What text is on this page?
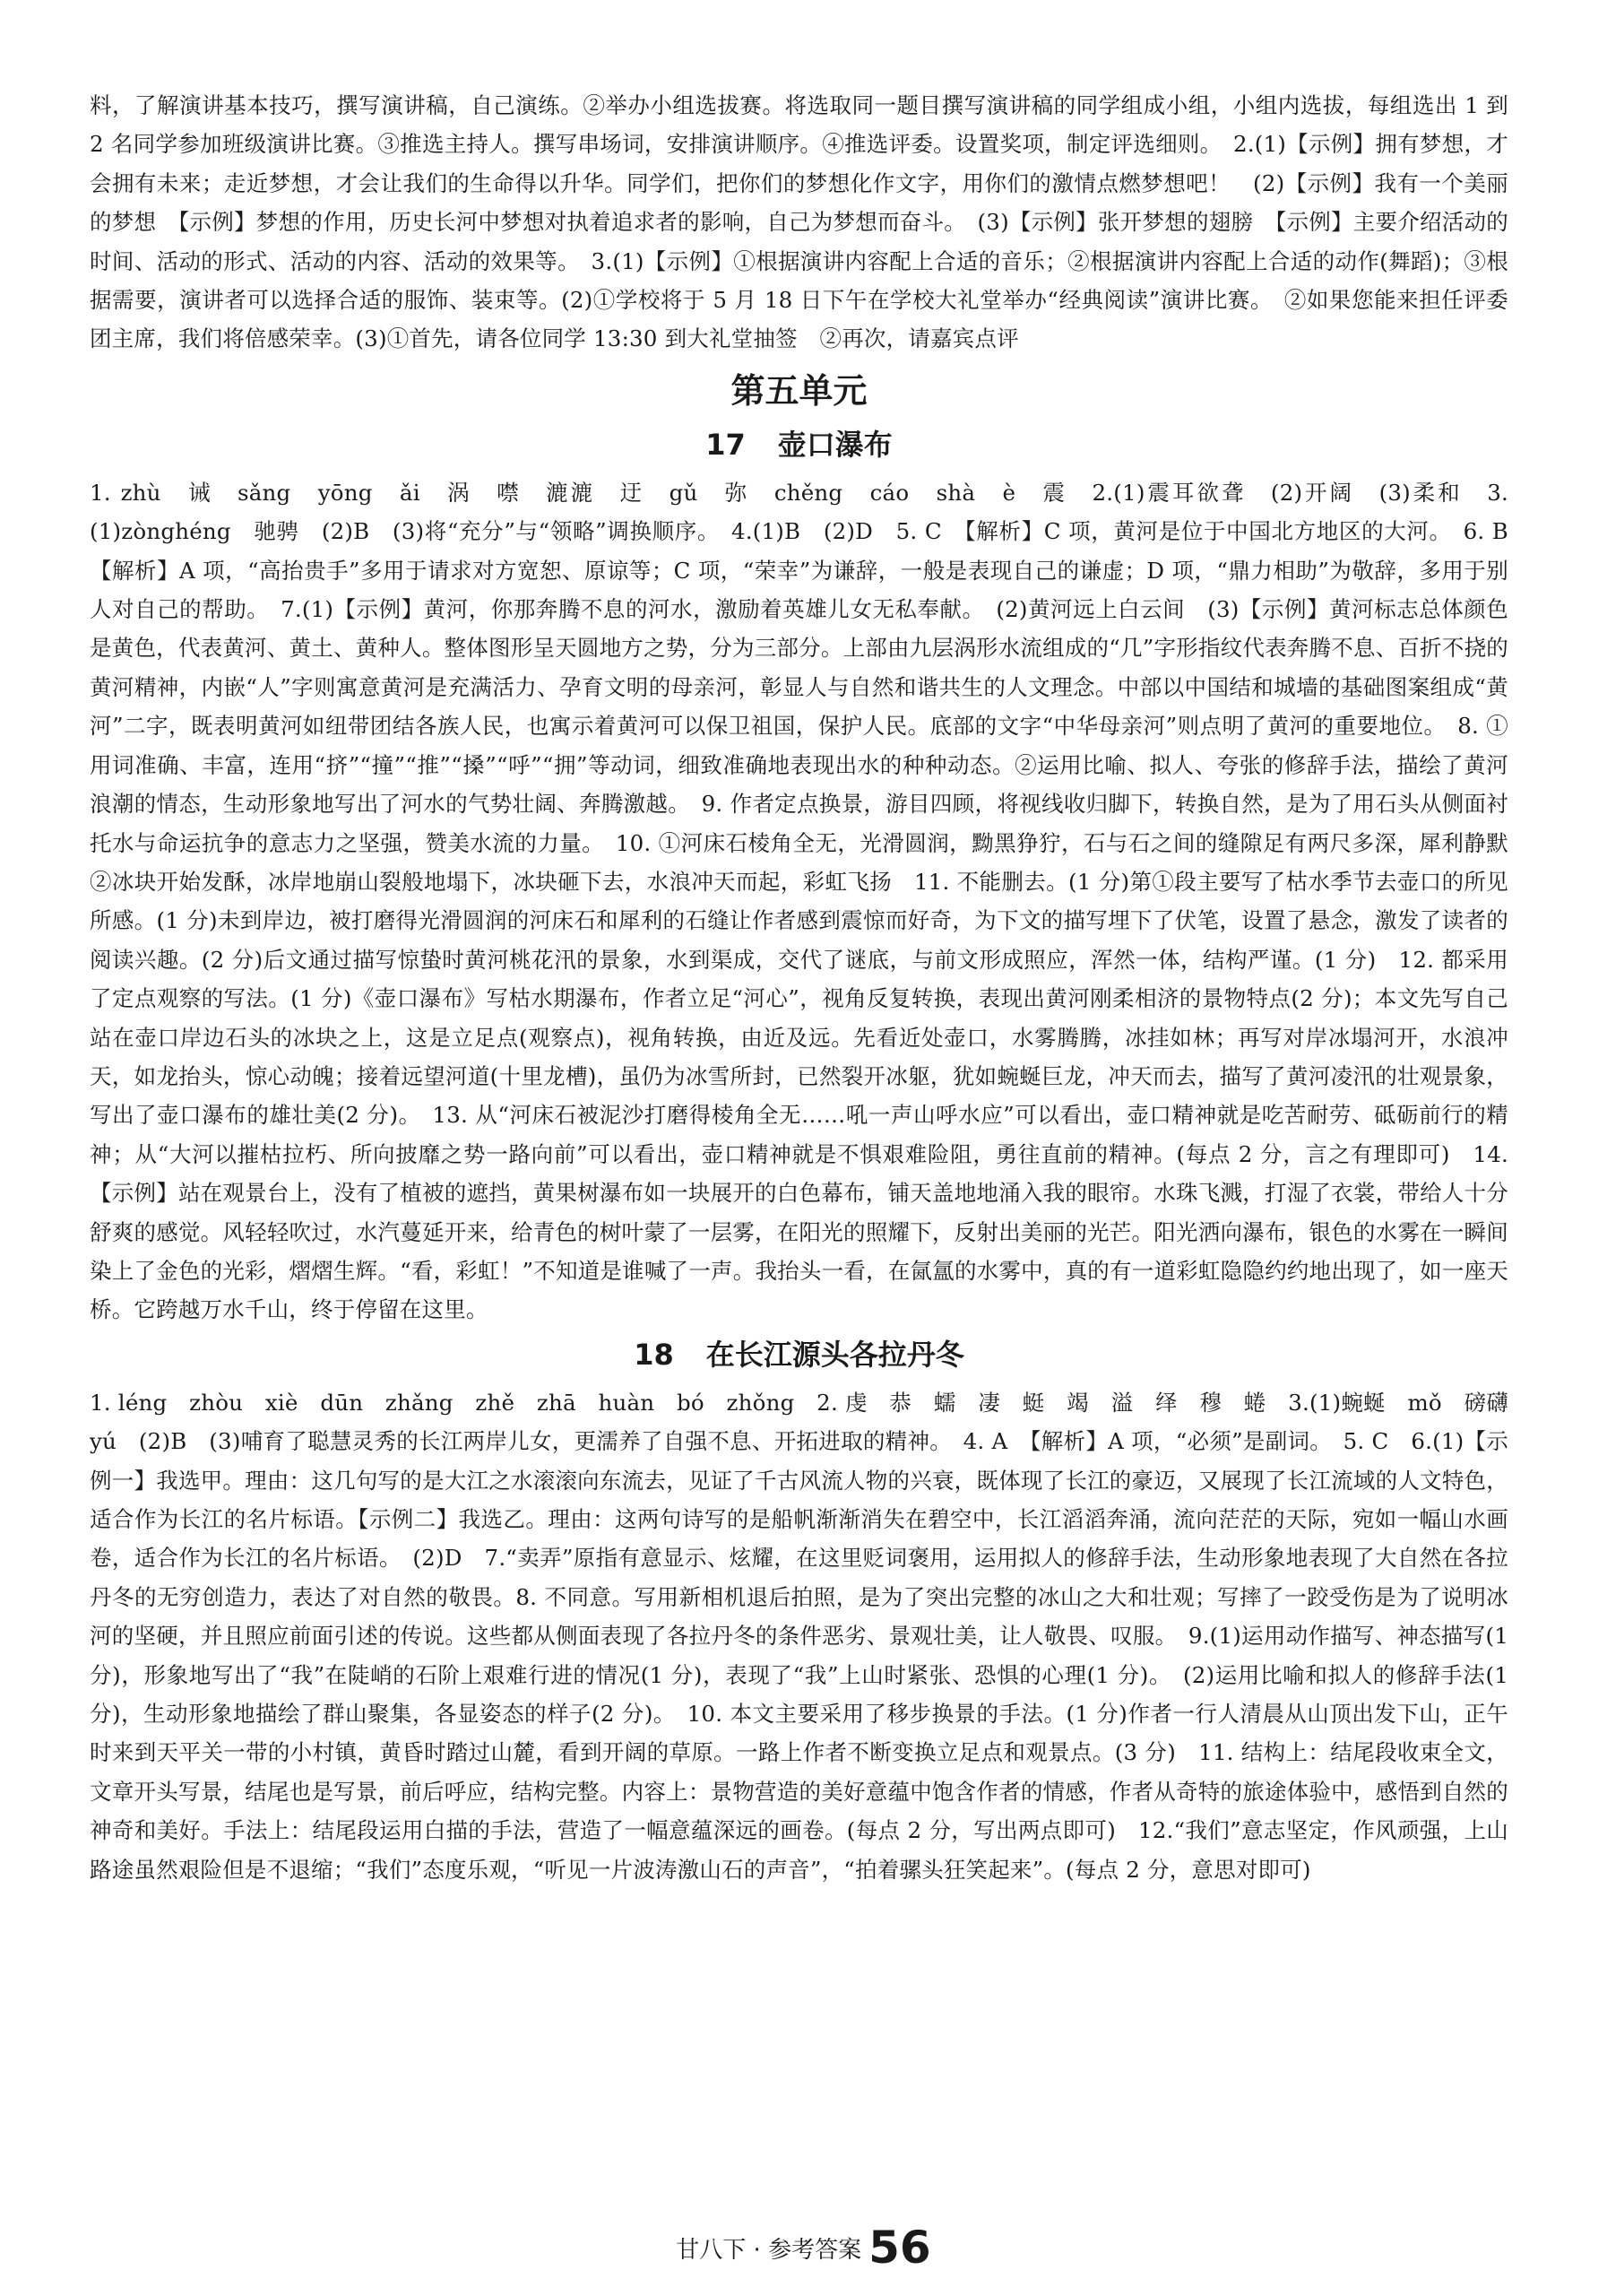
料，了解演讲基本技巧，撰写演讲稿，自己演练。②举办小组选拔赛。将选取同一题目撰写演讲稿的同学组成小组，小组内选拔，每组选出 1 到 2 名同学参加班级演讲比赛。③推选主持人。撰写串场词，安排演讲顺序。④推选评委。设置奖项，制定评选细则。　2.(1)【示例】拥有梦想，才会拥有未来；走近梦想，才会让我们的生命得以升华。同学们，把你们的梦想化作文字，用你们的激情点燃梦想吧！　(2)【示例】我有一个美丽的梦想　【示例】梦想的作用，历史长河中梦想对执着追求者的影响，自己为梦想而奋斗。　(3)【示例】张开梦想的翅膀　【示例】主要介绍活动的时间、活动的形式、活动的内容、活动的效果等。　3.(1)【示例】①根据演讲内容配上合适的音乐；②根据演讲内容配上合适的动作(舞蹈)；③根据需要，演讲者可以选择合适的服饰、装束等。(2)①学校将于 5 月 18 日下午在学校大礼堂举办“经典阅读”演讲比赛。　②如果您能来担任评委团主席，我们将倍感荣幸。(3)①首先，请各位同学 13:30 到大礼堂抽签　②再次，请嘉宾点评

第五单元
17 壶口瀑布

1. zhù　诫　sǎng　yōng　ǎi　涡　噤　漉漉　迂　gǔ　弥　chěng　cáo　shà　è　震　2.(1)震耳欲聋　(2)开阔　(3)柔和　3.(1)zònghéng　驰骋　(2)B　(3)将“充分”与“领略”调换顺序。　4.(1)B　(2)D　5. C　【解析】C 项，黄河是位于中国北方地区的大河。　6. B　【解析】A 项，“高抬贵手”多用于请求对方宽恕、原谅等；C 项，“荣幸”为谦辞，一般是表现自己的谦虚；D 项，“鼎力相助”为敬辞，多用于别人对自己的帮助。　7.(1)【示例】黄河，你那奔腾不息的河水，激励着英雄儿女无私奉献。　(2)黄河远上白云间　(3)【示例】黄河标志总体颜色是黄色，代表黄河、黄土、黄种人。整体图形呈天圆地方之势，分为三部分。上部由九层涡形水流组成的“几”字形指纹代表奔腾不息、百折不挠的黄河精神，内嵌“人”字则寓意黄河是充满活力、孕育文明的母亲河，彰显人与自然和谐共生的人文理念。中部以中国结和城墙的基础图案组成“黄河”二字，既表明黄河如纽带团结各族人民，也寓示着黄河可以保卫祖国，保护人民。底部的文字“中华母亲河”则点明了黄河的重要地位。　8. ①用词准确、丰富，连用“挤”“撞”“推”“搡”“呼”“拥”等动词，细致准确地表现出水的种种动态。②运用比喻、拟人、夸张的修辞手法，描绘了黄河浪潮的情态，生动形象地写出了河水的气势壮阔、奔腾激越。　9. 作者定点换景，游目四顾，将视线收归脚下，转换自然，是为了用石头从侧面衬托水与命运抗争的意志力之坚强，赞美水流的力量。　10. ①河床石棱角全无，光滑圆润，黝黑狰狞，石与石之间的缝隙足有两尺多深，犀利静默　②冰块开始发酥，冰岸地崩山裂般地塌下，冰块砸下去，水浪冲天而起，彩虹飞扬　11. 不能删去。(1 分)第①段主要写了枯水季节去壶口的所见所感。(1 分)未到岸边，被打磨得光滑圆润的河床石和犀利的石缝让作者感到震惊而好奇，为下文的描写埋下了伏笔，设置了悬念，激发了读者的阅读兴趣。(2 分)后文通过描写惊蛰时黄河桃花汛的景象，水到渠成，交代了谜底，与前文形成照应，浑然一体，结构严谨。(1 分)　12. 都采用了定点观察的写法。(1 分)《壶口瀑布》写枯水期瀑布，作者立足“河心”，视角反复转换，表现出黄河刚柔相济的景物特点(2 分)；本文先写自己站在壶口岸边石头的冰块之上，这是立足点(观察点)，视角转换，由近及远。先看近处壶口，水雾腾腾，冰挂如林；再写对岸冰塌河开，水浪冲天，如龙抬头，惊心动魄；接着远望河道(十里龙槽)，虽仍为冰雪所封，已然裂开冰躯，犹如蜿蜒巨龙，冲天而去，描写了黄河凌汛的壮观景象，写出了壶口瀑布的雄壮美(2 分)。　13. 从“河床石被泥沙打磨得棱角全无……吼一声山呼水应”可以看出，壶口精神就是吃苦耐劳、砥砺前行的精神；从“大河以摧枯拉朽、所向披靡之势一路向前”可以看出，壶口精神就是不惧艰难险阻，勇往直前的精神。(每点 2 分，言之有理即可)　14.【示例】站在观景台上，没有了植被的遮挡，黄果树瀑布如一块展开的白色幕布，铺天盖地地涌入我的眼帘。水珠飞溅，打湿了衣裳，带给人十分舒爽的感觉。风轻轻吹过，水汽蔓延开来，给青色的树叶蒙了一层雾，在阳光的照耀下，反射出美丽的光芒。阳光洒向瀑布，银色的水雾在一瞬间染上了金色的光彩，熠熠生辉。“看，彩虹！”不知道是谁喊了一声。我抬头一看，在氤氲的水雾中，真的有一道彩虹隐隐约约地出现了，如一座天桥。它跨越万水千山，终于停留在这里。

18 在长江源头各拉丹冬

1. léng　zhòu　xiè　dūn　zhǎng　zhě　zhā　huàn　bó　zhǒng　2. 虔　恭　蠕　凄　蜓　竭　溢　绎　穆　蜷　3.(1)蜿蜒　mǒ　磅礴　yú　(2)B　(3)哺育了聪慧灵秀的长江两岸儿女，更濡养了自强不息、开拓进取的精神。　4. A　【解析】A 项，“必须”是副词。　5. C　6.(1)【示例一】我选甲。理由：这几句写的是大江之水滚滚向东流去，见证了千古风流人物的兴衰，既体现了长江的豪迈，又展现了长江流域的人文特色，适合作为长江的名片标语。【示例二】我选乙。理由：这两句诗写的是船帆渐渐消失在碧空中，长江滔滔奔涌，流向茫茫的天际，宛如一幅山水画卷，适合作为长江的名片标语。　(2)D　7.“卖弄”原指有意显示、炫耀，在这里贬词褒用，运用拟人的修辞手法，生动形象地表现了大自然在各拉丹冬的无穷创造力，表达了对自然的敬畏。8. 不同意。写用新相机退后拍照，是为了突出完整的冰山之大和壮观；写摔了一跤受伤是为了说明冰河的坚硬，并且照应前面引述的传说。这些都从侧面表现了各拉丹冬的条件恶劣、景观壮美，让人敬畏、叹服。　9.(1)运用动作描写、神态描写(1 分)，形象地写出了“我”在陡峭的石阶上艰难行进的情况(1 分)，表现了“我”上山时紧张、恐惧的心理(1 分)。　(2)运用比喻和拟人的修辞手法(1 分)，生动形象地描绘了群山聚集，各显姿态的样子(2 分)。　10. 本文主要采用了移步换景的手法。(1 分)作者一行人清晨从山顶出发下山，正午时来到天平关一带的小村镇，黄昏时踏过山麓，看到开阔的草原。一路上作者不断变换立足点和观景点。(3 分)　11. 结构上：结尾段收束全文，文章开头写景，结尾也是写景，前后呼应，结构完整。内容上：景物营造的美好意蕴中饱含作者的情感，作者从奇特的旅途体验中，感悟到自然的神奇和美好。手法上：结尾段运用白描的手法，营造了一幅意蕴深远的画卷。(每点 2 分，写出两点即可)　12.“我们”意志坚定，作风顽强，上山路途虽然艰险但是不退缩；“我们”态度乐观，“听见一片波涛激山石的声音”，“拍着骡头狂笑起来”。(每点 2 分，意思对即可)

甘八下 · 参考答案 56
